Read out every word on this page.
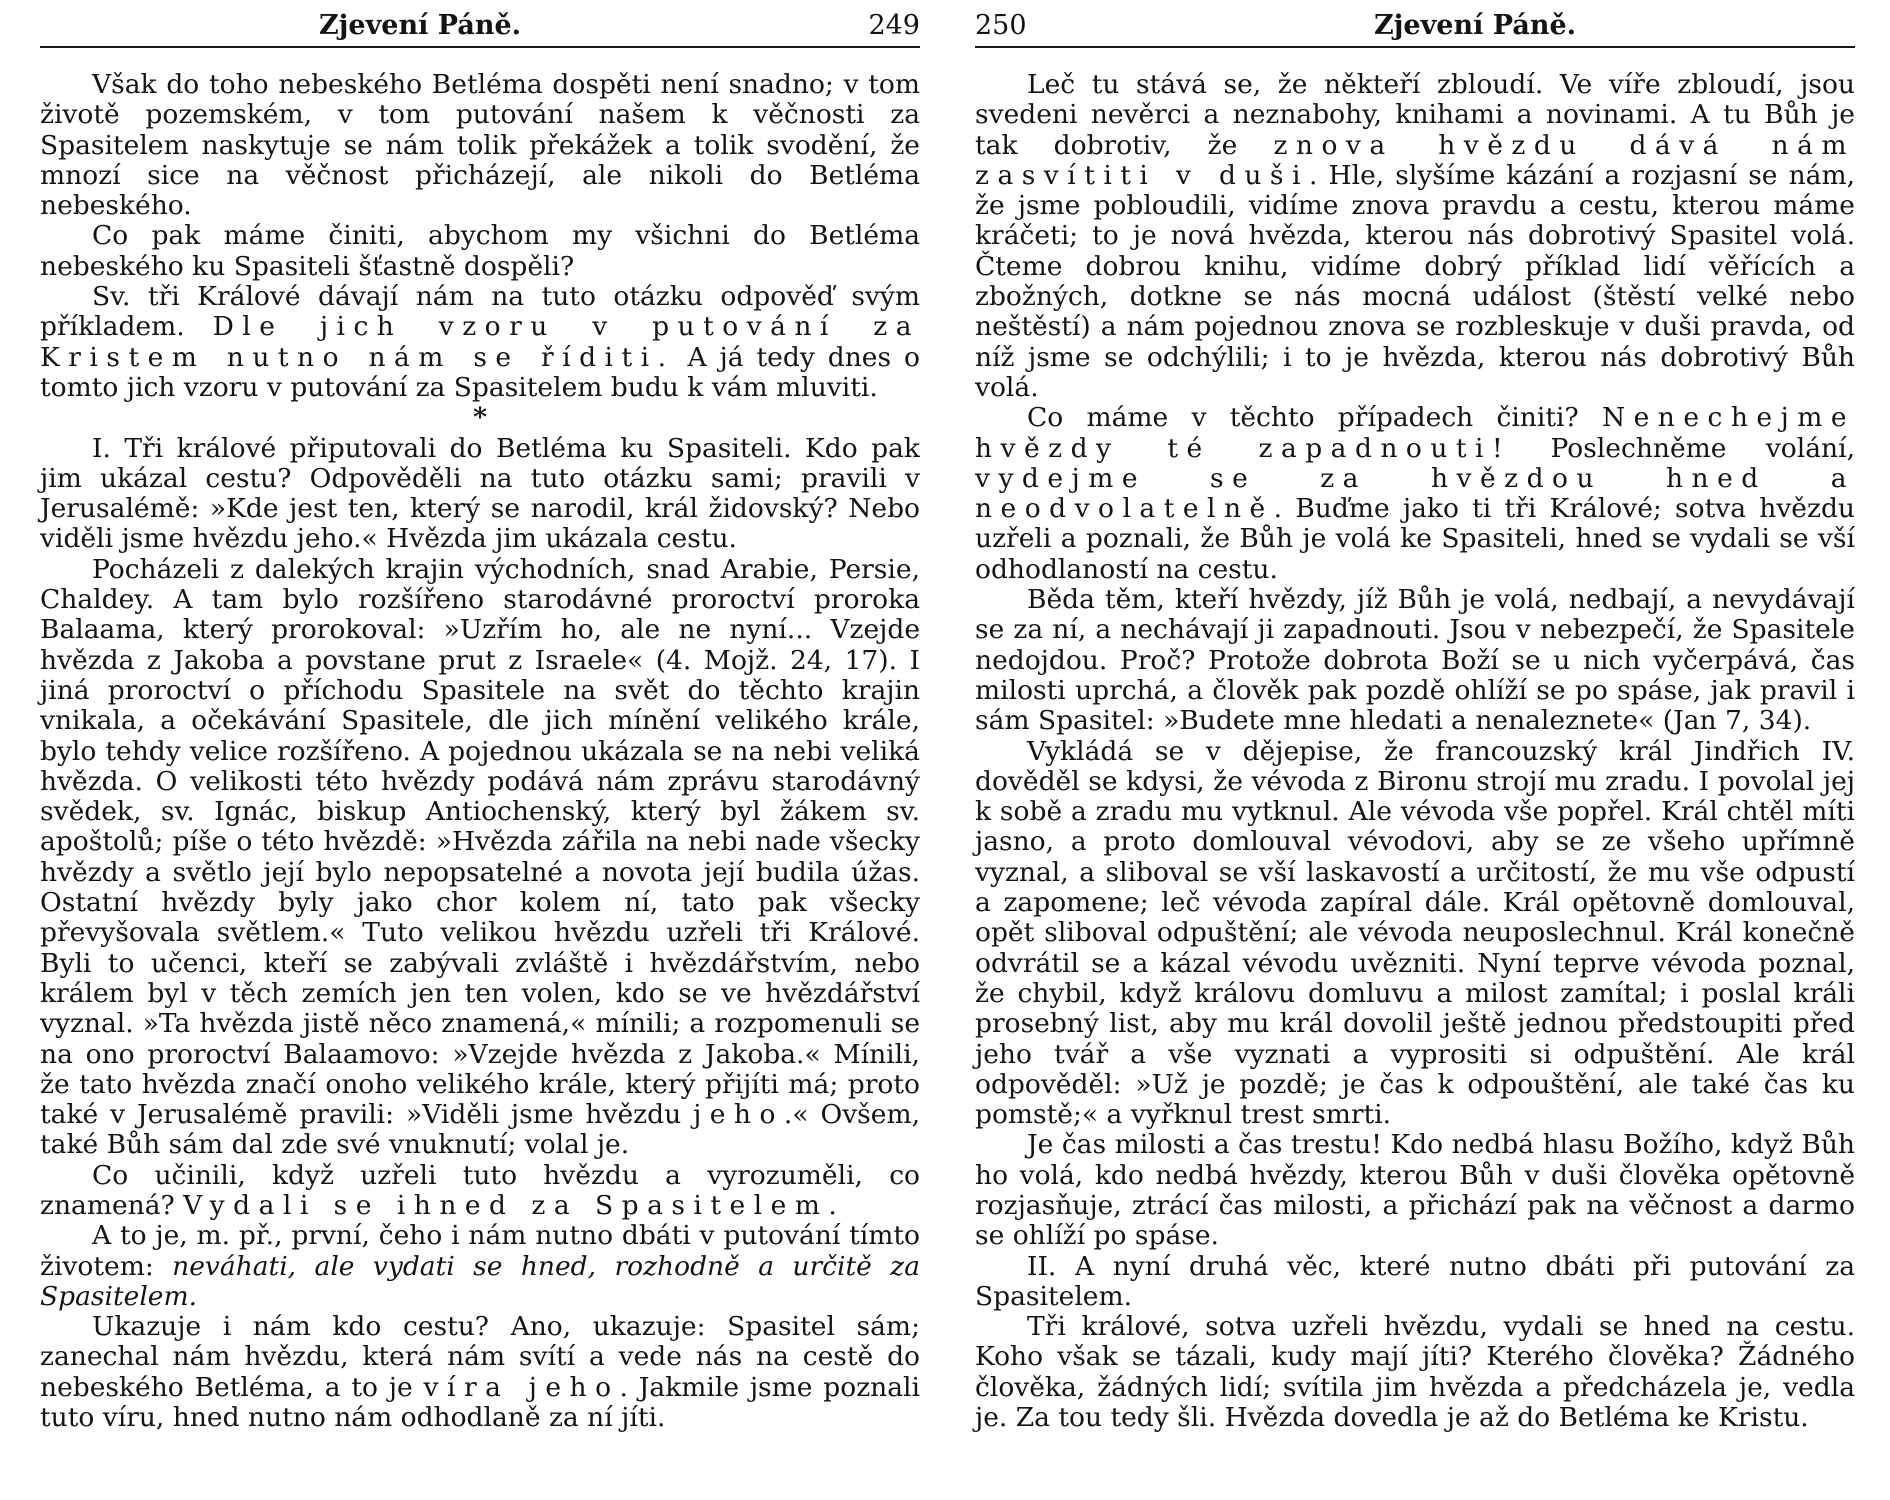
Zjevení Páně.	249

Však do toho nebeského Betléma dospěti není snadno; v tom životě pozemském, v tom putování našem k věčnosti za Spasitelem naskytuje se nám tolik překážek a tolik svodění, že mnozí sice na věčnost přicházejí, ale nikoli do Betléma nebeského.

Co pak máme činiti, abychom my všichni do Betléma nebeského ku Spasiteli šťastně dospěli?

Sv. tři Králové dávají nám na tuto otázku odpověď svým příkladem. Dle jich vzoru v putování za Kristem nutno nám se říditi. A já tedy dnes o tomto jich vzoru v putování za Spasitelem budu k vám mluviti.

*

I. Tři králové připutovali do Betléma ku Spasiteli. Kdo pak jim ukázal cestu? Odpověděli na tuto otázku sami; pravili v Jerusalémě: »Kde jest ten, který se narodil, král židovský? Nebo viděli jsme hvězdu jeho.« Hvězda jim ukázala cestu.

Pocházeli z dalekých krajin východních, snad Arabie, Persie, Chaldey. A tam bylo rozšířeno starodávné proroctví proroka Balaama, který prorokoval: »Uzřím ho, ale ne nyní... Vzejde hvězda z Jakoba a povstane prut z Israele« (4. Mojž. 24, 17). I jiná proroctví o příchodu Spasitele na svět do těchto krajin vnikala, a očekávání Spasitele, dle jich mínění velikého krále, bylo tehdy velice rozšířeno. A pojednou ukázala se na nebi veliká hvězda. O velikosti této hvězdy podává nám zprávu starodávný svědek, sv. Ignác, biskup Antiochenský, který byl žákem sv. apoštolů; píše o této hvězdě: »Hvězda zářila na nebi nade všecky hvězdy a světlo její bylo nepopsatelné a novota její budila úžas. Ostatní hvězdy byly jako chor kolem ní, tato pak všecky převyšovala světlem.« Tuto velikou hvězdu uzřeli tři Králové. Byli to učenci, kteří se zabývali zvláště i hvězdářstvím, nebo králem byl v těch zemích jen ten volen, kdo se ve hvězdářství vyznal. »Ta hvězda jistě něco znamená,« mínili; a rozpomenuli se na ono proroctví Balaamovo: »Vzejde hvězda z Jakoba.« Mínili, že tato hvězda značí onoho velikého krále, který přijíti má; proto také v Jerusalémě pravili: »Viděli jsme hvězdu jeho.« Ovšem, také Bůh sám dal zde své vnuknutí; volal je.

Co učinili, když uzřeli tuto hvězdu a vyrozuměli, co znamená? Vydali se ihned za Spasitelem.

A to je, m. př., první, čeho i nám nutno dbáti v putování tímto životem: neváhati, ale vydati se hned, rozhodně a určitě za Spasitelem.

Ukazuje i nám kdo cestu? Ano, ukazuje: Spasitel sám; zanechal nám hvězdu, která nám svítí a vede nás na cestě do nebeského Betléma, a to je víra jeho. Jakmile jsme poznali tuto víru, hned nutno nám odhodlaně za ní jíti.

250	Zjevení Páně.

Leč tu stává se, že někteří zbloudí. Ve víře zbloudí, jsou svedeni nevěrci a neznabohy, knihami a novinami. A tu Bůh je tak dobrotiv, že znova hvězdu dává nám zasvítiti v duši. Hle, slyšíme kázání a rozjasní se nám, že jsme pobloudili, vidíme znova pravdu a cestu, kterou máme kráčeti; to je nová hvězda, kterou nás dobrotivý Spasitel volá. Čteme dobrou knihu, vidíme dobrý příklad lidí věřících a zbožných, dotkne se nás mocná událost (štěstí velké nebo neštěstí) a nám pojednou znova se rozbleskuje v duši pravda, od níž jsme se odchýlili; i to je hvězda, kterou nás dobrotivý Bůh volá.

Co máme v těchto případech činiti? Nenechejme hvězdy té zapadnouti! Poslechněme volání, vydejme se za hvězdou hned a neodvolatelně. Buďme jako ti tři Králové; sotva hvězdu uzřeli a poznali, že Bůh je volá ke Spasiteli, hned se vydali se vší odhodlaností na cestu.

Běda těm, kteří hvězdy, jíž Bůh je volá, nedbají, a nevydávají se za ní, a nechávají ji zapadnouti. Jsou v nebezpečí, že Spasitele nedojdou. Proč? Protože dobrota Boží se u nich vyčerpává, čas milosti uprchá, a člověk pak pozdě ohlíží se po spáse, jak pravil i sám Spasitel: »Budete mne hledati a nenaleznete« (Jan 7, 34).

Vykládá se v dějepise, že francouzský král Jindřich IV. dověděl se kdysi, že vévoda z Bironu strojí mu zradu. I povolal jej k sobě a zradu mu vytknul. Ale vévoda vše popřel. Král chtěl míti jasno, a proto domlouval vévodovi, aby se ze všeho upřímně vyznal, a sliboval se vší laskavostí a určitostí, že mu vše odpustí a zapomene; leč vévoda zapíral dále. Král opětovně domlouval, opět sliboval odpuštění; ale vévoda neuposlechnul. Král konečně odvrátil se a kázal vévodu uvězniti. Nyní teprve vévoda poznal, že chybil, když královu domluvu a milost zamítal; i poslal králi prosebný list, aby mu král dovolil ještě jednou předstoupiti před jeho tvář a vše vyznati a vyprositi si odpuštění. Ale král odpověděl: »Už je pozdě; je čas k odpouštění, ale také čas ku pomstě;« a vyřknul trest smrti.

Je čas milosti a čas trestu! Kdo nedbá hlasu Božího, když Bůh ho volá, kdo nedbá hvězdy, kterou Bůh v duši člověka opětovně rozjasňuje, ztrácí čas milosti, a přichází pak na věčnost a darmo se ohlíží po spáse.

II. A nyní druhá věc, které nutno dbáti při putování za Spasitelem.

Tři králové, sotva uzřeli hvězdu, vydali se hned na cestu. Koho však se tázali, kudy mají jíti? Kterého člověka? Žádného člověka, žádných lidí; svítila jim hvězda a předcházela je, vedla je. Za tou tedy šli. Hvězda dovedla je až do Betléma ke Kristu.
